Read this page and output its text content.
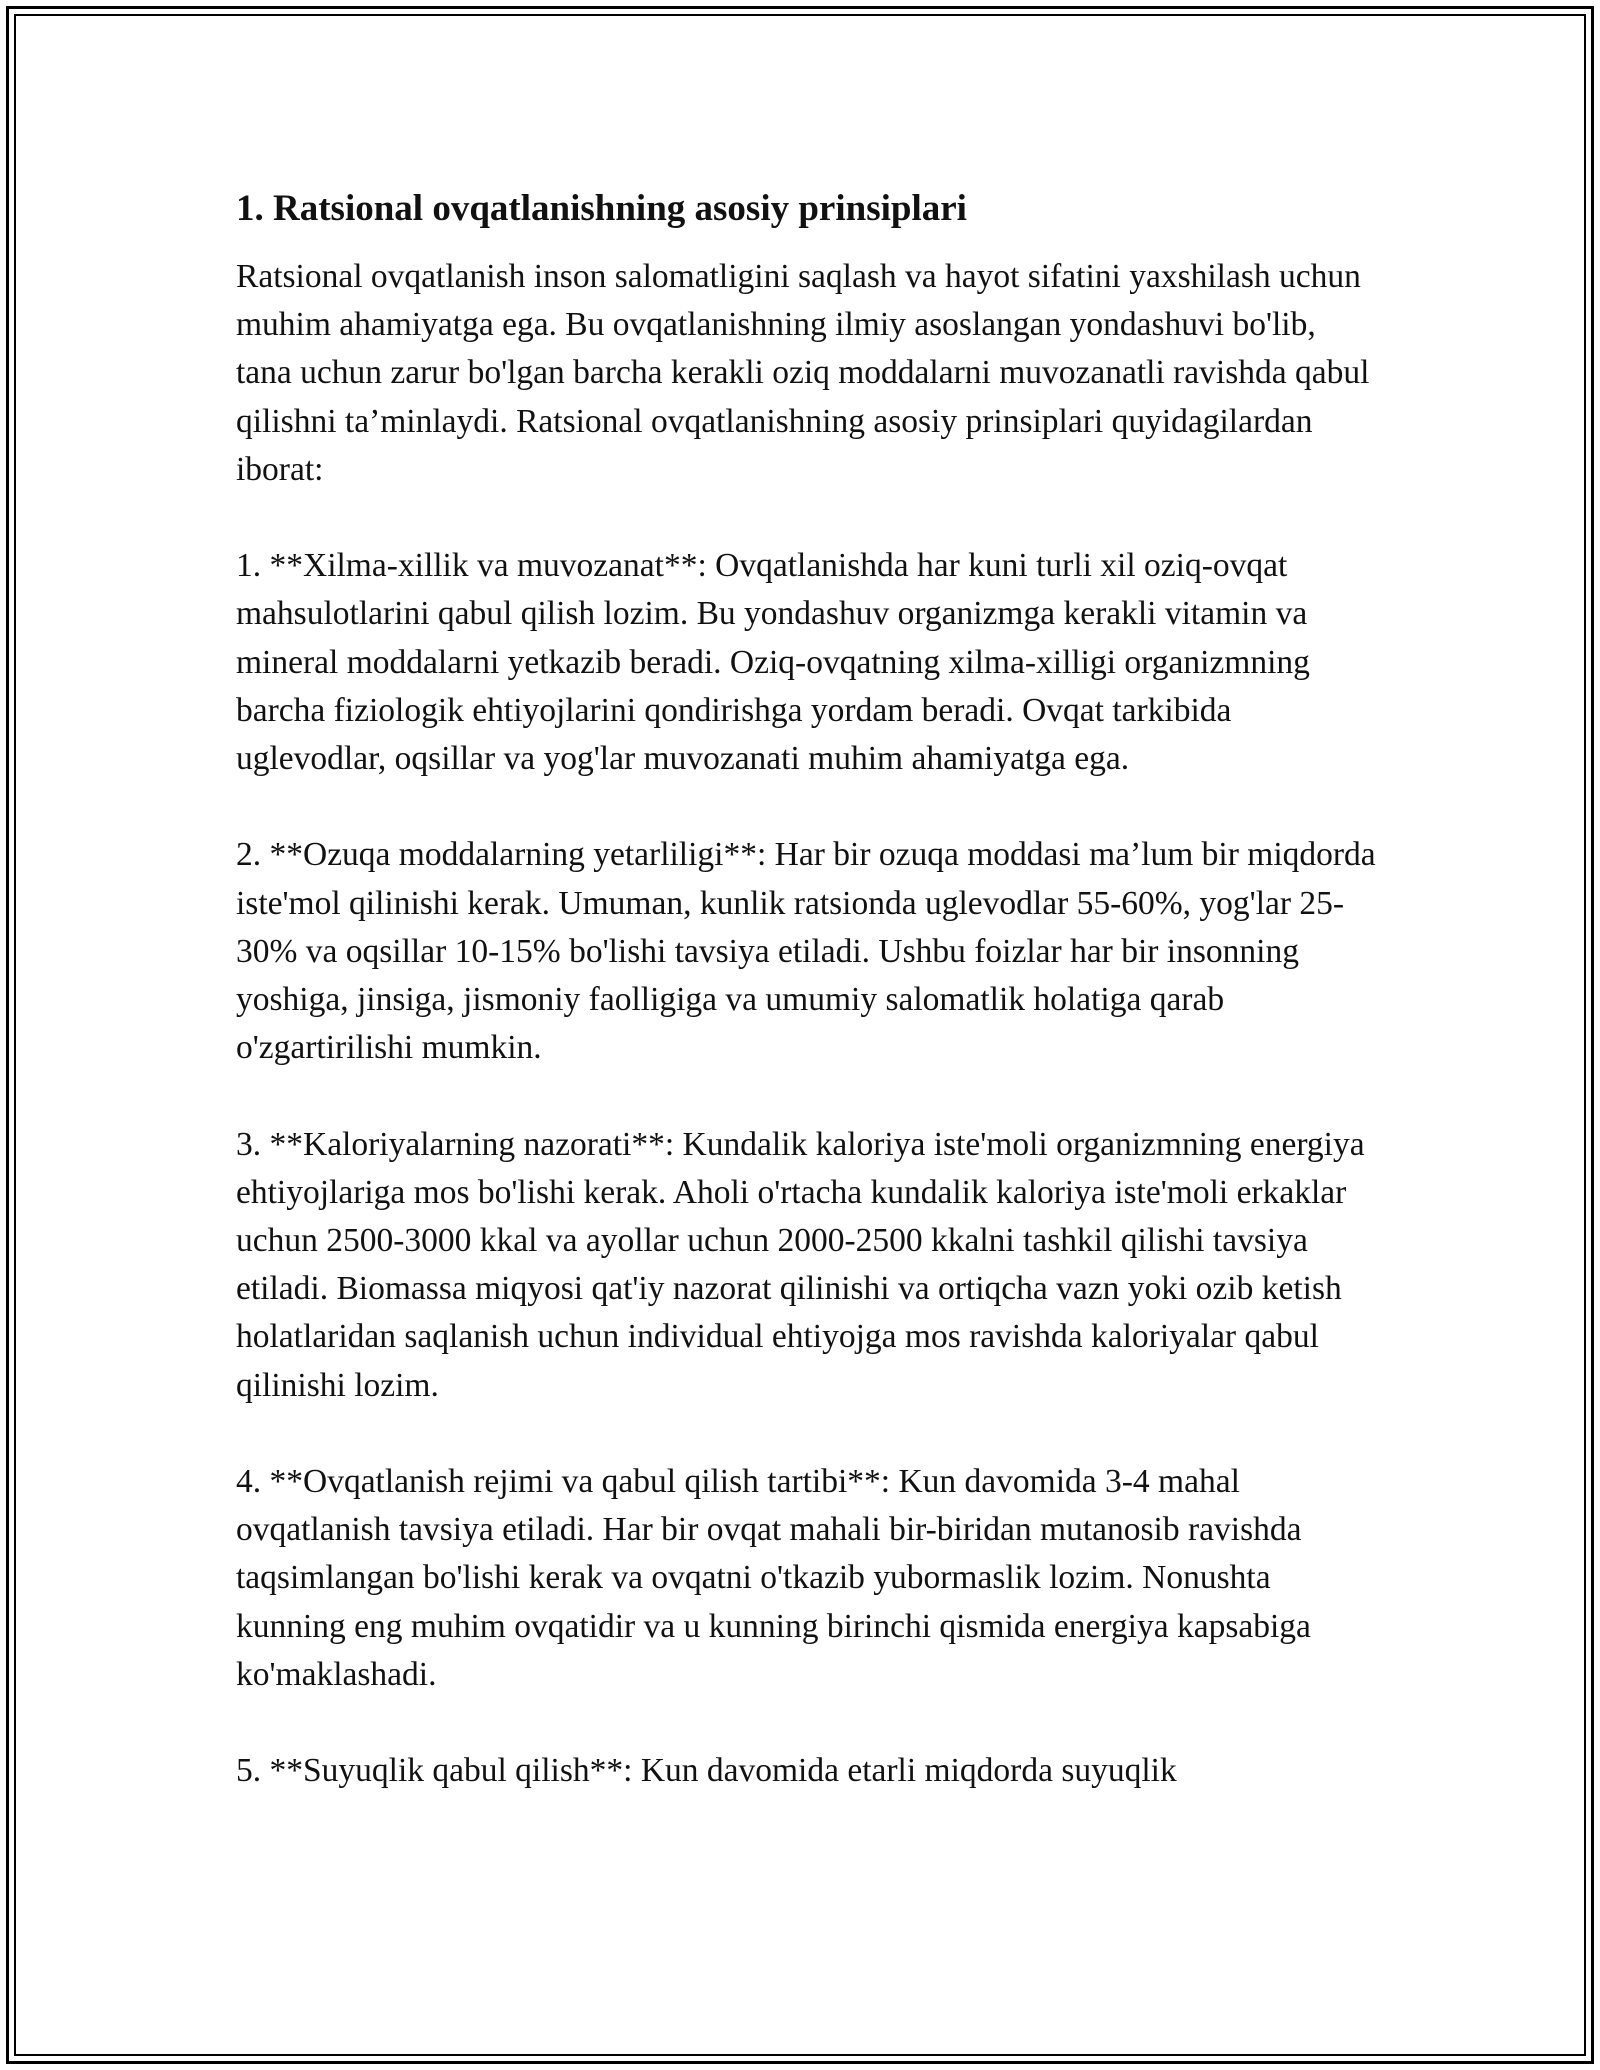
1. Ratsional ovqatlanishning asosiy prinsiplari

Ratsional ovqatlanish inson salomatligini saqlash va hayot sifatini yaxshilash uchun muhim ahamiyatga ega. Bu ovqatlanishning ilmiy asoslangan yondashuvi bo'lib, tana uchun zarur bo'lgan barcha kerakli oziq moddalarni muvozanatli ravishda qabul qilishni ta’minlaydi. Ratsional ovqatlanishning asosiy prinsiplari quyidagilardan iborat:

1. **Xilma-xillik va muvozanat**: Ovqatlanishda har kuni turli xil oziq-ovqat mahsulotlarini qabul qilish lozim. Bu yondashuv organizmga kerakli vitamin va mineral moddalarni yetkazib beradi. Oziq-ovqatning xilma-xilligi organizmning barcha fiziologik ehtiyojlarini qondirishga yordam beradi. Ovqat tarkibida uglevodlar, oqsillar va yog'lar muvozanati muhim ahamiyatga ega.

2. **Ozuqa moddalarning yetarliligi**: Har bir ozuqa moddasi ma’lum bir miqdorda iste'mol qilinishi kerak. Umuman, kunlik ratsionda uglevodlar 55-60%, yog'lar 25-30% va oqsillar 10-15% bo'lishi tavsiya etiladi. Ushbu foizlar har bir insonning yoshiga, jinsiga, jismoniy faolligiga va umumiy salomatlik holatiga qarab o'zgartirilishi mumkin.

3. **Kaloriyalarning nazorati**: Kundalik kaloriya iste'moli organizmning energiya ehtiyojlariga mos bo'lishi kerak. Aholi o'rtacha kundalik kaloriya iste'moli erkaklar uchun 2500-3000 kkal va ayollar uchun 2000-2500 kkalni tashkil qilishi tavsiya etiladi. Biomassa miqyosi qat'iy nazorat qilinishi va ortiqcha vazn yoki ozib ketish holatlaridan saqlanish uchun individual ehtiyojga mos ravishda kaloriyalar qabul qilinishi lozim.

4. **Ovqatlanish rejimi va qabul qilish tartibi**: Kun davomida 3-4 mahal ovqatlanish tavsiya etiladi. Har bir ovqat mahali bir-biridan mutanosib ravishda taqsimlangan bo'lishi kerak va ovqatni o'tkazib yubormaslik lozim. Nonushta kunning eng muhim ovqatidir va u kunning birinchi qismida energiya kapsabiga ko'maklashadi.

5. **Suyuqlik qabul qilish**: Kun davomida etarli miqdorda suyuqlik
